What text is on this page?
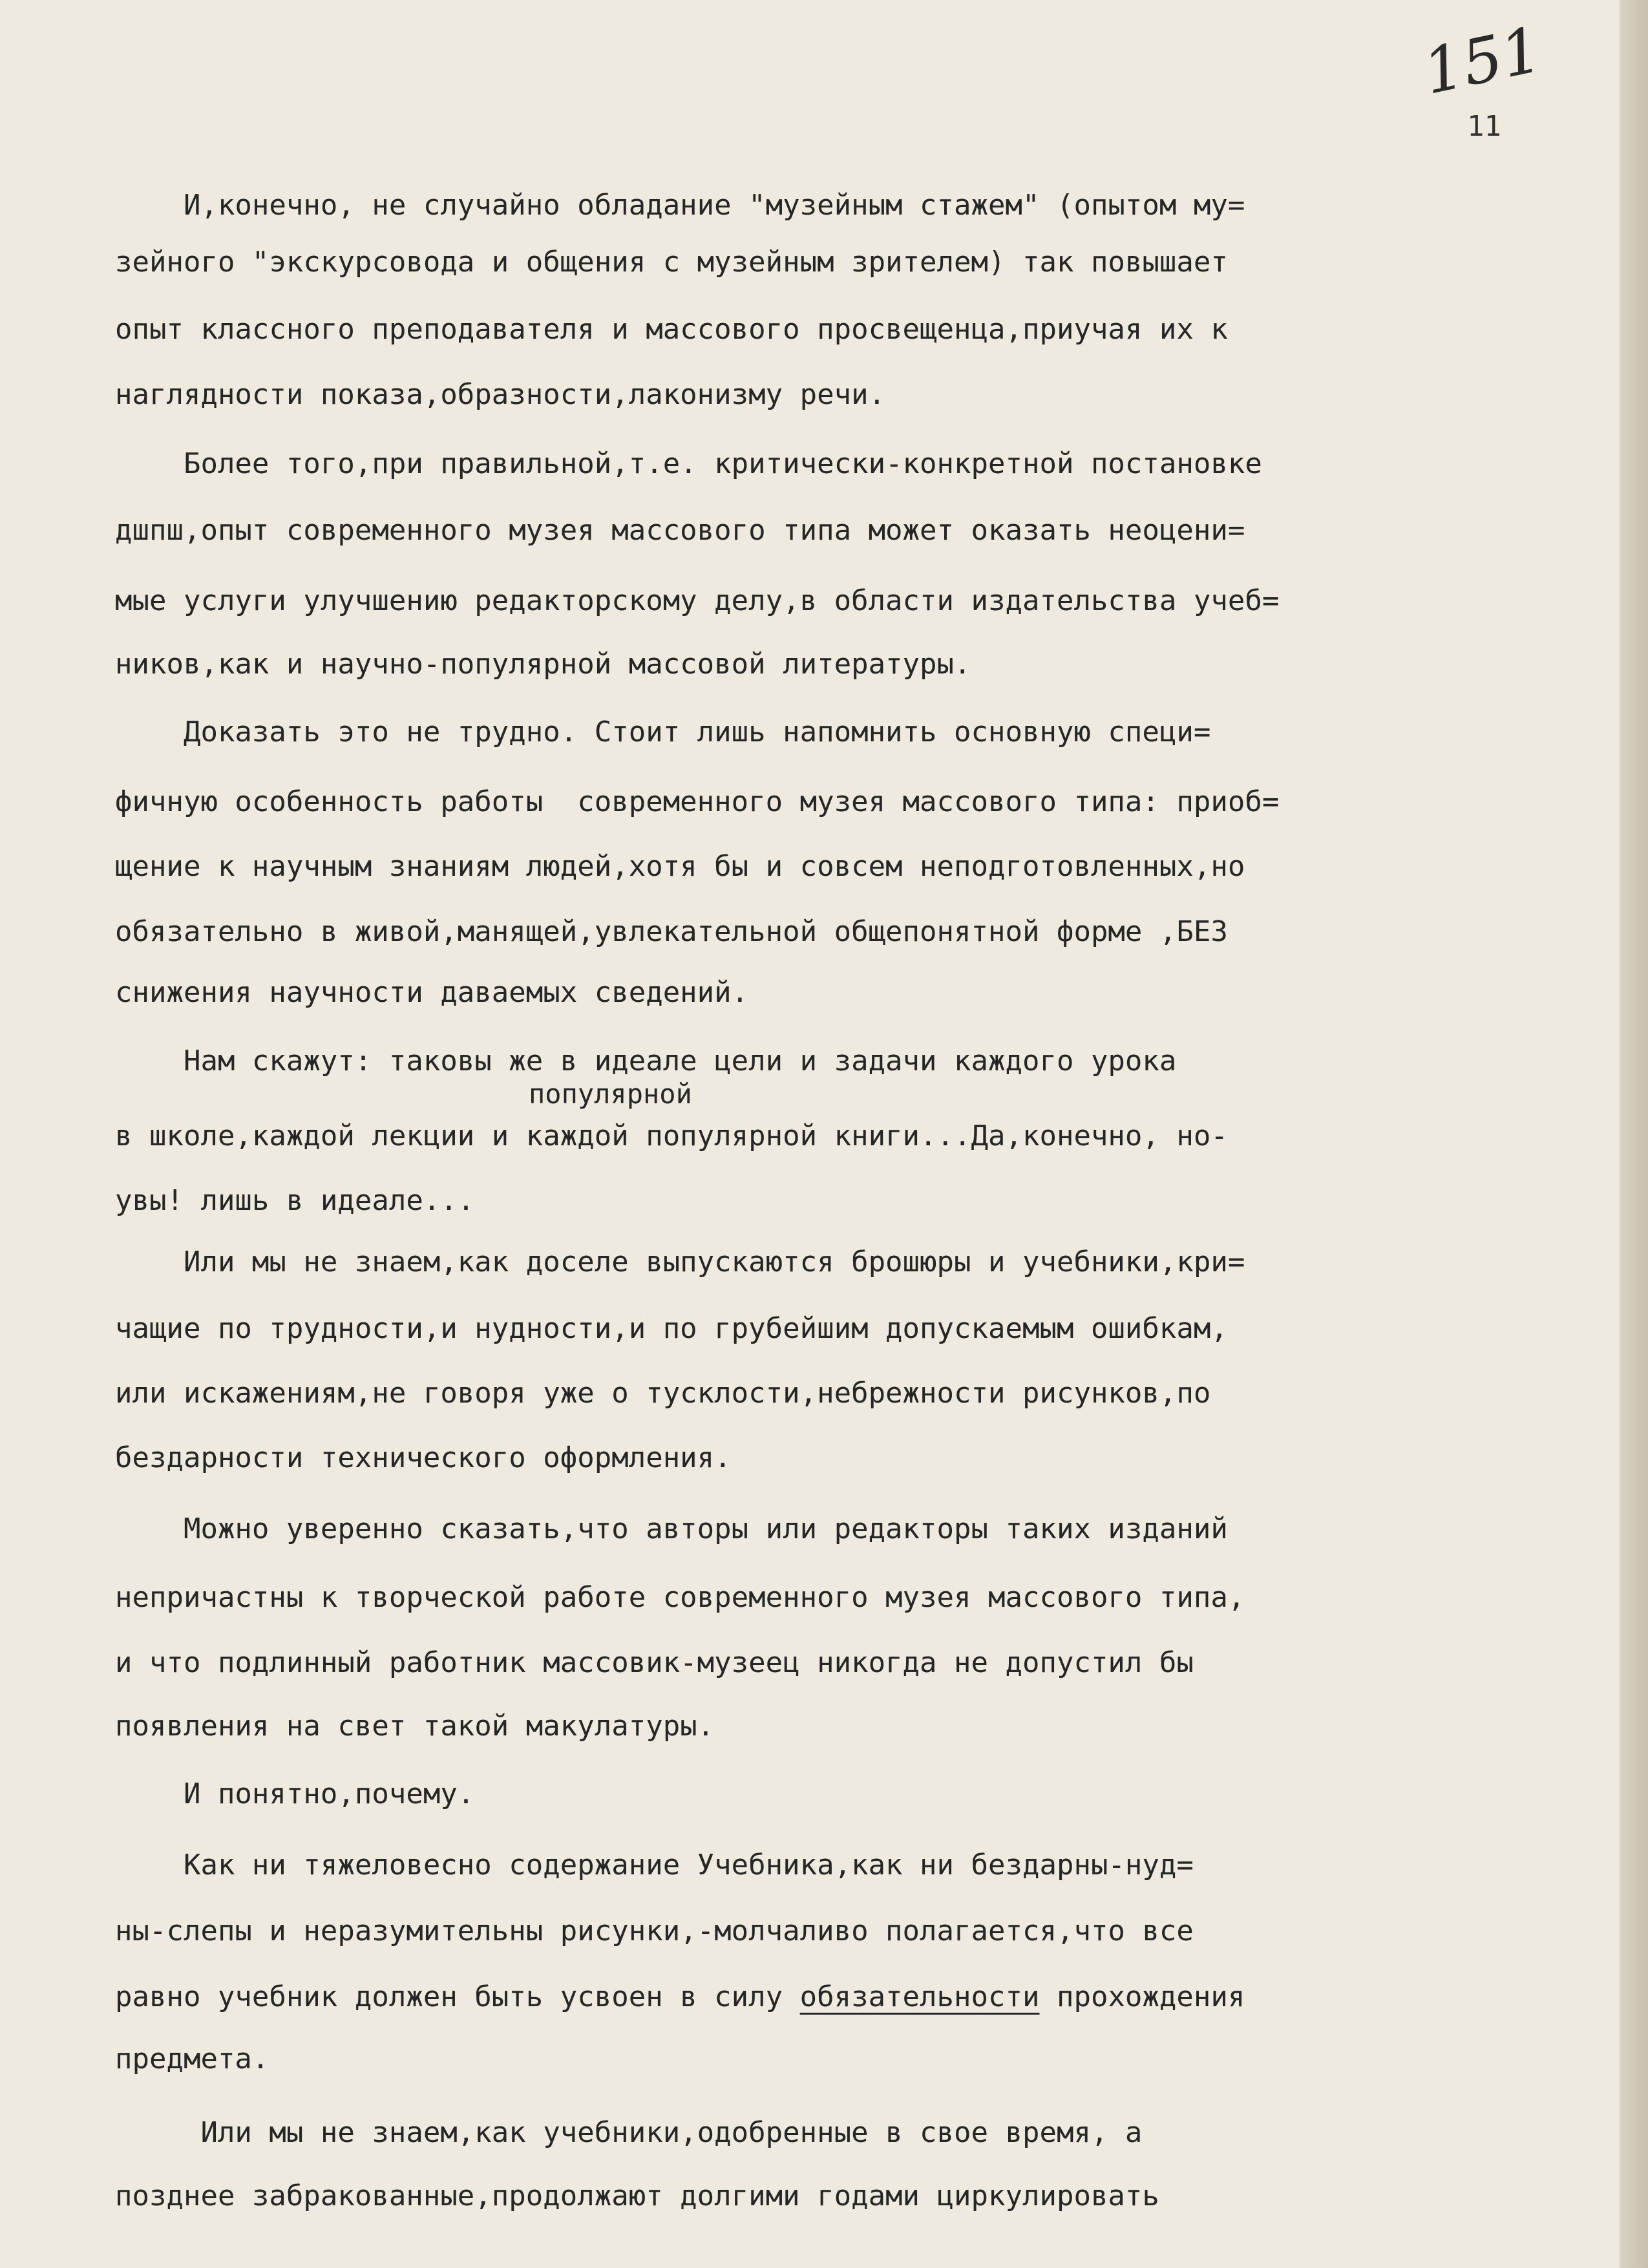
151
11
И,конечно, не случайно обладание "музейным стажем" (опытом му=
зейного "экскурсовода и общения с музейным зрителем) так повышает
опыт классного преподавателя и массового просвещенца,приучая их к
наглядности показа,образности,лаконизму речи.
Более того,при правильной,т.е. критически-конкретной постановке
дшпш,опыт современного музея массового типа может оказать неоцени=
мые услуги улучшению редакторскому делу,в области издательства учеб=
ников,как и научно-популярной массовой литературы.
Доказать это не трудно. Стоит лишь напомнить основную специ=
фичную особенность работы  современного музея массового типа: приоб=
щение к научным знаниям людей,хотя бы и совсем неподготовленных,но
обязательно в живой,манящей,увлекательной общепонятной форме ,БЕЗ
снижения научности даваемых сведений.
Нам скажут: таковы же в идеале цели и задачи каждого урока
популярной
в школе,каждой лекции и каждой популярной книги...Да,конечно, но-
увы! лишь в идеале...
Или мы не знаем,как доселе выпускаются брошюры и учебники,кри=
чащие по трудности,и нудности,и по грубейшим допускаемым ошибкам,
или искажениям,не говоря уже о тусклости,небрежности рисунков,по
бездарности технического оформления.
Можно уверенно сказать,что авторы или редакторы таких изданий
непричастны к творческой работе современного музея массового типа,
и что подлинный работник массовик-музеец никогда не допустил бы
появления на свет такой макулатуры.
И понятно,почему.
Как ни тяжеловесно содержание Учебника,как ни бездарны-нуд=
ны-слепы и неразумительны рисунки,-молчаливо полагается,что все
равно учебник должен быть усвоен в силу обязательности прохождения
предмета.
Или мы не знаем,как учебники,одобренные в свое время, а
позднее забракованные,продолжают долгими годами циркулировать
